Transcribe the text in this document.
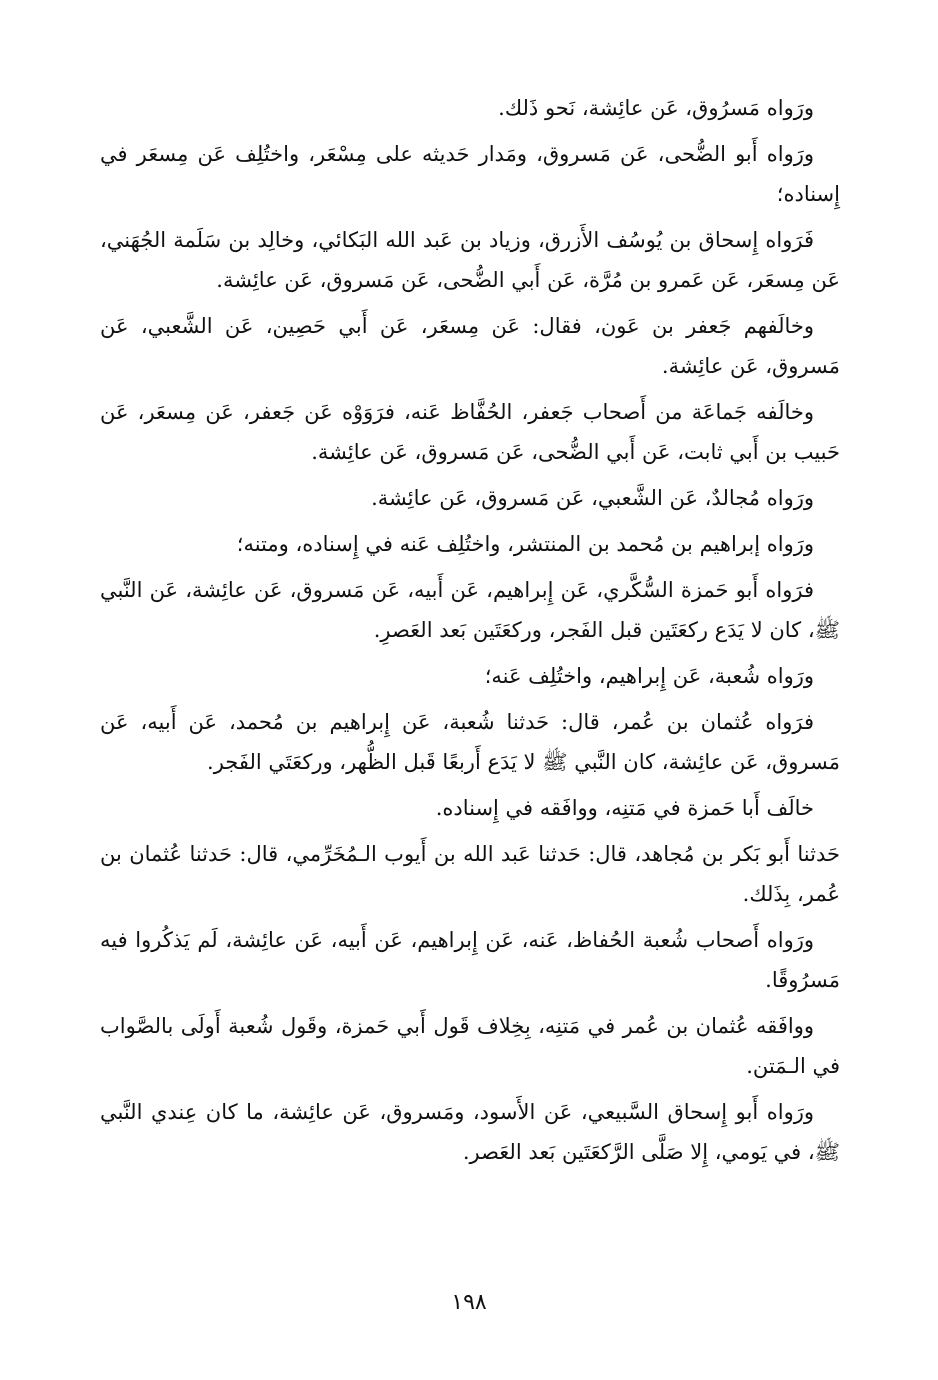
ورَواه مَسرُوق، عَن عائِشة، نَحو ذَلك.

ورَواه أَبو الضُّحى، عَن مَسروق، ومَدار حَديثه على مِسْعَر، واختُلِف عَن مِسعَر في إِسناده؛

فَرَواه إِسحاق بن يُوسُف الأَزرق، وزياد بن عَبد الله البَكائي، وخالِد بن سَلَمة الجُهَني، عَن مِسعَر، عَن عَمرو بن مُرَّة، عَن أَبي الضُّحى، عَن مَسروق، عَن عائِشة.

وخالَفهم جَعفر بن عَون، فقال: عَن مِسعَر، عَن أَبي حَصِين، عَن الشَّعبي، عَن مَسروق، عَن عائِشة.

وخالَفه جَماعَة من أَصحاب جَعفر، الحُفَّاظ عَنه، فرَوَوْه عَن جَعفر، عَن مِسعَر، عَن حَبيب بن أَبي ثابت، عَن أَبي الضُّحى، عَن مَسروق، عَن عائِشة.

ورَواه مُجالدٌ، عَن الشَّعبي، عَن مَسروق، عَن عائِشة.

ورَواه إبراهيم بن مُحمد بن المنتشر، واختُلِف عَنه في إِسناده، ومتنه؛

فرَواه أَبو حَمزة السُّكَّري، عَن إِبراهيم، عَن أَبيه، عَن مَسروق، عَن عائِشة، عَن النَّبي ﷺ، كان لا يَدَع ركعَتَين قبل الفَجر، وركعَتَين بَعد العَصرِ.

ورَواه شُعبة، عَن إِبراهيم، واختُلِف عَنه؛

فرَواه عُثمان بن عُمر، قال: حَدثنا شُعبة، عَن إِبراهيم بن مُحمد، عَن أَبيه، عَن مَسروق، عَن عائِشة، كان النَّبي ﷺ لا يَدَع أَربعًا قَبل الظُّهر، وركعَتَي الفَجر.

خالَف أَبا حَمزة في مَتنِه، ووافَقه في إِسناده.

حَدثنا أَبو بَكر بن مُجاهد، قال: حَدثنا عَبد الله بن أَيوب الـمُخَرِّمي، قال: حَدثنا عُثمان بن عُمر، بِذَلك.

ورَواه أَصحاب شُعبة الحُفاظ، عَنه، عَن إِبراهيم، عَن أَبيه، عَن عائِشة، لَم يَذكُروا فيه مَسرُوقًا.

ووافَقه عُثمان بن عُمر في مَتنِه، بِخِلاف قَول أَبي حَمزة، وقَول شُعبة أَولَى بالصَّواب في الـمَتن.

ورَواه أَبو إِسحاق السَّبيعي، عَن الأَسود، ومَسروق، عَن عائِشة، ما كان عِندي النَّبي ﷺ، في يَومي، إِلا صَلَّى الرَّكعَتَين بَعد العَصر.

١٩٨
